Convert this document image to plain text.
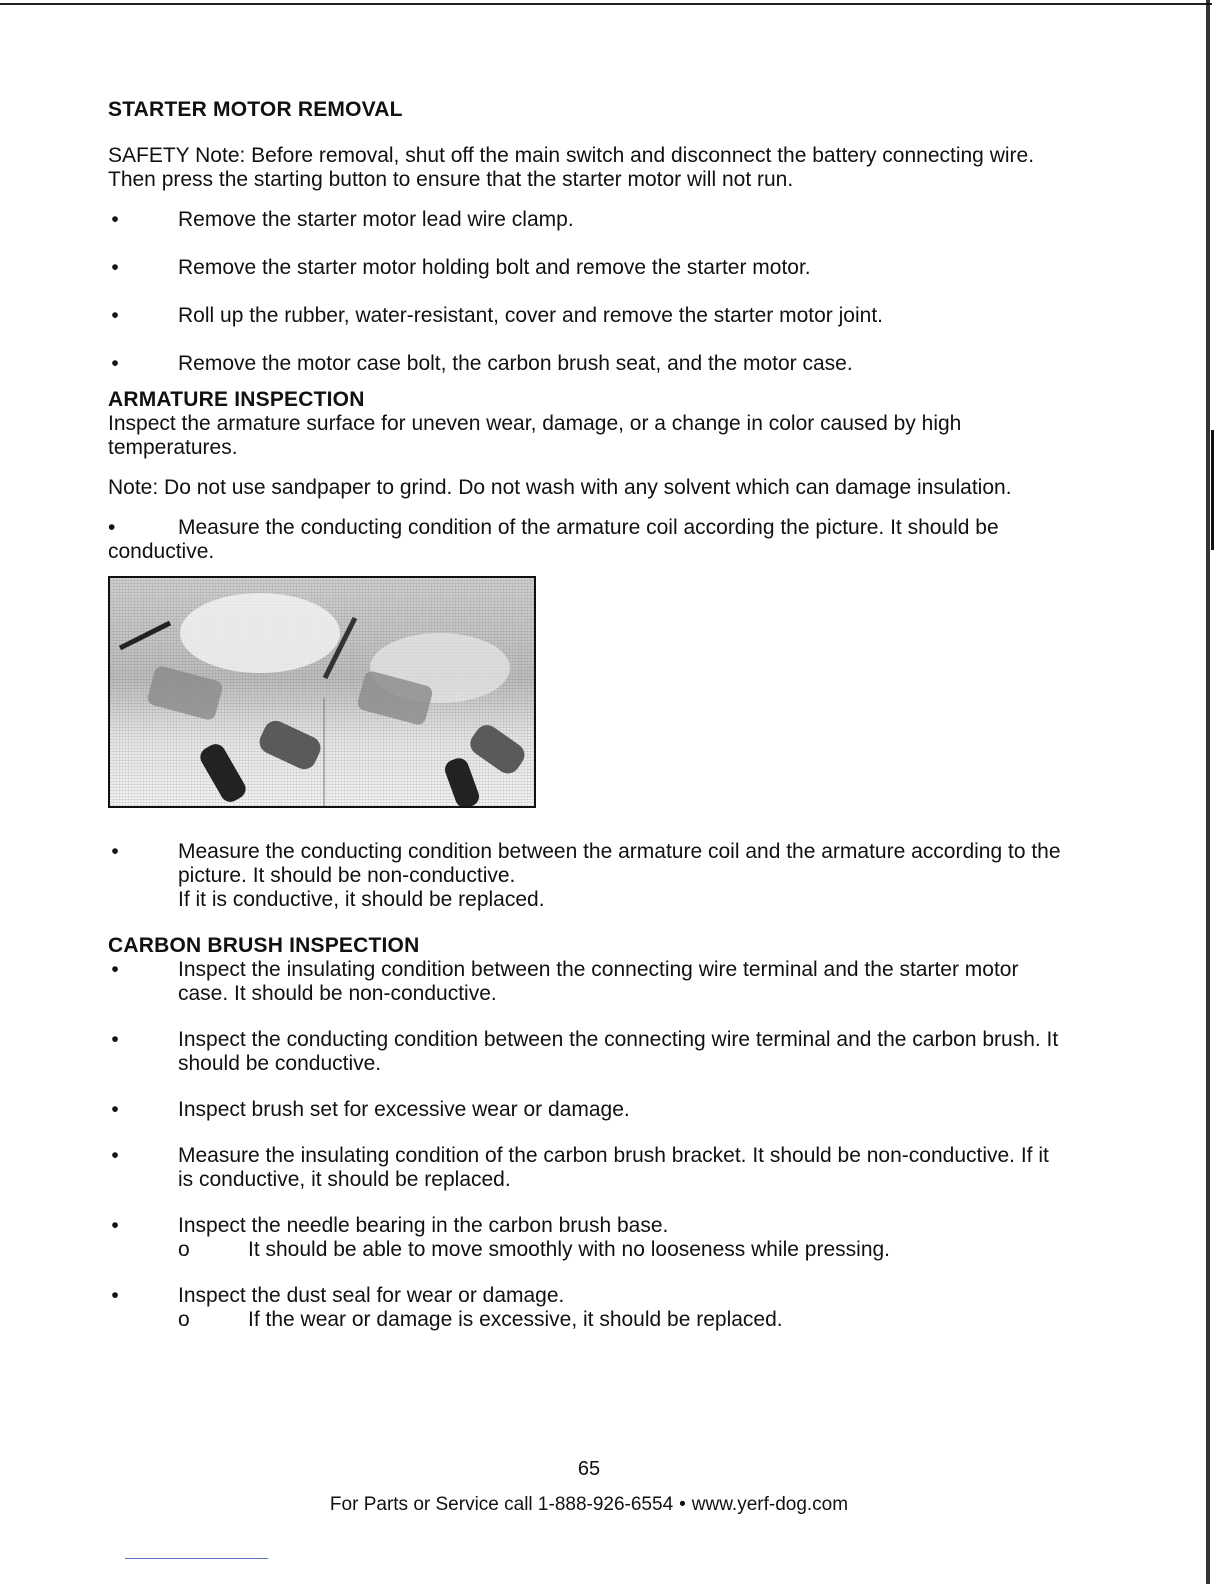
STARTER MOTOR REMOVAL

SAFETY Note: Before removal, shut off the main switch and disconnect the battery connecting wire. Then press the starting button to ensure that the starter motor will not run.

•	Remove the starter motor lead wire clamp.
•	Remove the starter motor holding bolt and remove the starter motor.
•	Roll up the rubber, water-resistant, cover and remove the starter motor joint.
•	Remove the motor case bolt, the carbon brush seat, and the motor case.
ARMATURE INSPECTION

Inspect the armature surface for uneven wear, damage, or a change in color caused by high temperatures.

Note: Do not use sandpaper to grind. Do not wash with any solvent which can damage insulation.

•	Measure the conducting condition of the armature coil according the picture. It should be conductive.

•	Measure the conducting condition between the armature coil and the armature according to the picture. It should be non-conductive.
If it is conductive, it should be replaced.
CARBON BRUSH INSPECTION
•	Inspect the insulating condition between the connecting wire terminal and the starter motor case. It should be non-conductive.
•	Inspect the conducting condition between the connecting wire terminal and the carbon brush. It should be conductive.
•	Inspect brush set for excessive wear or damage.
•	Measure the insulating condition of the carbon brush bracket. It should be non-conductive. If it is conductive, it should be replaced.
•	Inspect the needle bearing in the carbon brush base.
o	It should be able to move smoothly with no looseness while pressing.
•	Inspect the dust seal for wear or damage.
o	If the wear or damage is excessive, it should be replaced.
65
For Parts or Service call 1-888-926-6554 • www.yerf-dog.com
